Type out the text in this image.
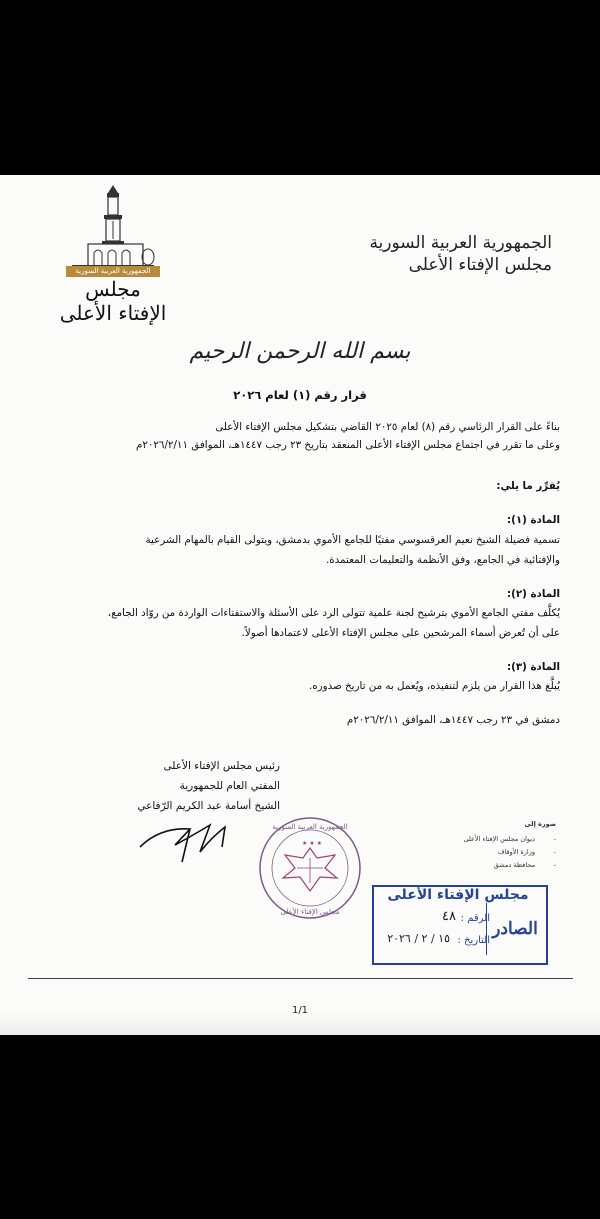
الجمهورية العربية السورية
مجلس الإفتاء الأعلى
الجمهورية العربية السورية
مجلس الإفتاء الأعلى
بسم الله الرحمن الرحيم
قرار رقم (١) لعام ٢٠٢٦
بناءً على القرار الرئاسي رقم (٨) لعام ٢٠٢٥ القاضي بتشكيل مجلس الإفتاء الأعلى
وعلى ما تقرر في اجتماع مجلس الإفتاء الأعلى المنعقد بتاريخ ٢٣ رجب ١٤٤٧هـ، الموافق ٢٠٢٦/٢/١١م
يُقرِّر ما يلي:
المادة (١):
تسمية فضيلة الشيخ نعيم العرقسوسي مفتيًا للجامع الأموي بدمشق، ويتولى القيام بالمهام الشرعية
والإفتائية في الجامع، وفق الأنظمة والتعليمات المعتمدة.
المادة (٢):
يُكلَّف مفتي الجامع الأموي بترشيح لجنة علمية تتولى الرد على الأسئلة والاستفتاءات الواردة من روّاد الجامع،
على أن تُعرض أسماء المرشحين على مجلس الإفتاء الأعلى لاعتمادها أصولاً.
المادة (٣):
يُبلَّغ هذا القرار من يلزم لتنفيذه، ويُعمل به من تاريخ صدوره.
دمشق في ٢٣ رجب ١٤٤٧هـ، الموافق ٢٠٢٦/٢/١١م
رئيس مجلس الإفتاء الأعلى
المفتي العام للجمهورية
الشيخ أسامة عبد الكريم الرّفاعي
★ ★ ★
الجمهورية العربية السورية
مجلس الإفتاء الأعلى
صورة إلى
ديوان مجلس الإفتاء الأعلى	-
وزارة الأوقاف	-
محافظة دمشق	-
مجلس الإفتاء الأعلى
الرقم :
٤٨
التاريخ :
١٥ / ٢ / ٢٠٢٦	الصادر
1/1
